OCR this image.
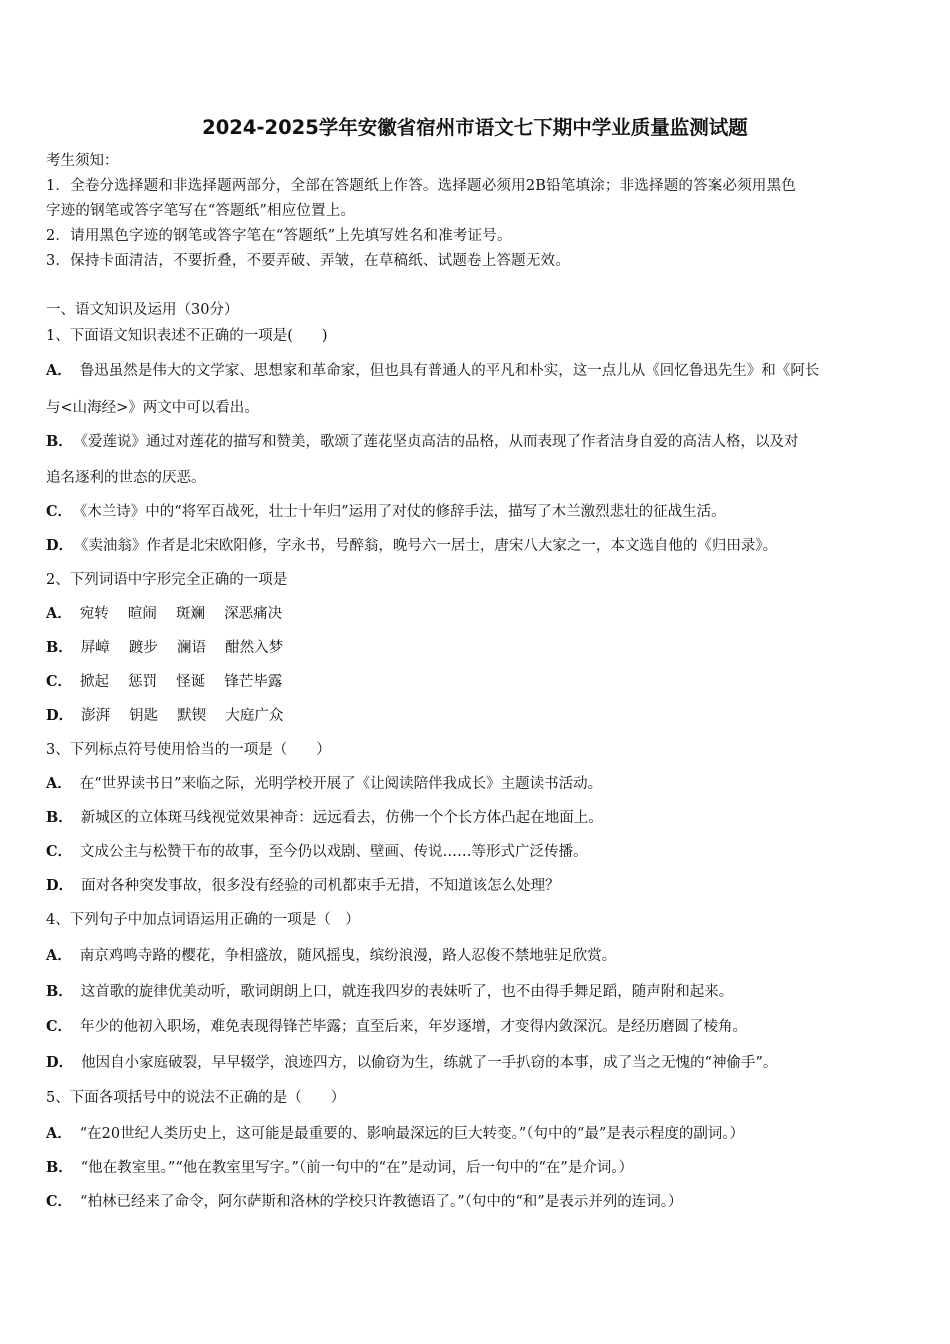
2024-2025学年安徽省宿州市语文七下期中学业质量监测试题
考生须知：
1．全卷分选择题和非选择题两部分，全部在答题纸上作答。选择题必须用2B铅笔填涂；非选择题的答案必须用黑色
字迹的钢笔或答字笔写在“答题纸”相应位置上。
2．请用黑色字迹的钢笔或答字笔在“答题纸”上先填写姓名和准考证号。
3．保持卡面清洁，不要折叠，不要弄破、弄皱，在草稿纸、试题卷上答题无效。
一、语文知识及运用（30分）
1、下面语文知识表述不正确的一项是(　　)
A． 鲁迅虽然是伟大的文学家、思想家和革命家，但也具有普通人的平凡和朴实，这一点儿从《回忆鲁迅先生》和《阿长
与<山海经>》两文中可以看出。
B． 《爱莲说》通过对莲花的描写和赞美，歌颂了莲花坚贞高洁的品格，从而表现了作者洁身自爱的高洁人格，以及对
追名逐利的世态的厌恶。
C． 《木兰诗》中的“将军百战死，壮士十年归”运用了对仗的修辞手法，描写了木兰激烈悲壮的征战生活。
D． 《卖油翁》作者是北宋欧阳修，字永书，号醉翁，晚号六一居士，唐宋八大家之一，本文选自他的《归田录》。
2、下列词语中字形完全正确的一项是
A． 宛转　 暄闹　 斑斓　 深恶痛决
B． 屏嶂　 踱步　 澜语　 酣然入梦
C． 掀起　 惩罚　 怪诞　 锋芒毕露
D． 澎湃　 钥匙　 默锲　 大庭广众
3、下列标点符号使用恰当的一项是（　　）
A． 在“世界读书日”来临之际，光明学校开展了《让阅读陪伴我成长》主题读书活动。
B． 新城区的立体斑马线视觉效果神奇：远远看去，仿佛一个个长方体凸起在地面上。
C． 文成公主与松赞干布的故事，至今仍以戏剧、壁画、传说……等形式广泛传播。
D． 面对各种突发事故，很多没有经验的司机都束手无措，不知道该怎么处理？
4、下列句子中加点词语运用正确的一项是（　）
A． 南京鸡鸣寺路的樱花，争相盛放，随风摇曳，缤纷浪漫，路人忍俊不禁地驻足欣赏。
B． 这首歌的旋律优美动听，歌词朗朗上口，就连我四岁的表妹听了，也不由得手舞足蹈，随声附和起来。
C． 年少的他初入职场，难免表现得锋芒毕露；直至后来，年岁逐增，才变得内敛深沉。是经历磨圆了棱角。
D． 他因自小家庭破裂，早早辍学，浪迹四方，以偷窃为生，练就了一手扒窃的本事，成了当之无愧的“神偷手”。
5、下面各项括号中的说法不正确的是（　　）
A． “在20世纪人类历史上，这可能是最重要的、影响最深远的巨大转变。”（句中的“最”是表示程度的副词。）
B． “他在教室里。”“他在教室里写字。”（前一句中的“在”是动词，后一句中的“在”是介词。）
C． “柏林已经来了命令，阿尔萨斯和洛林的学校只许教德语了。”（句中的“和”是表示并列的连词。）
